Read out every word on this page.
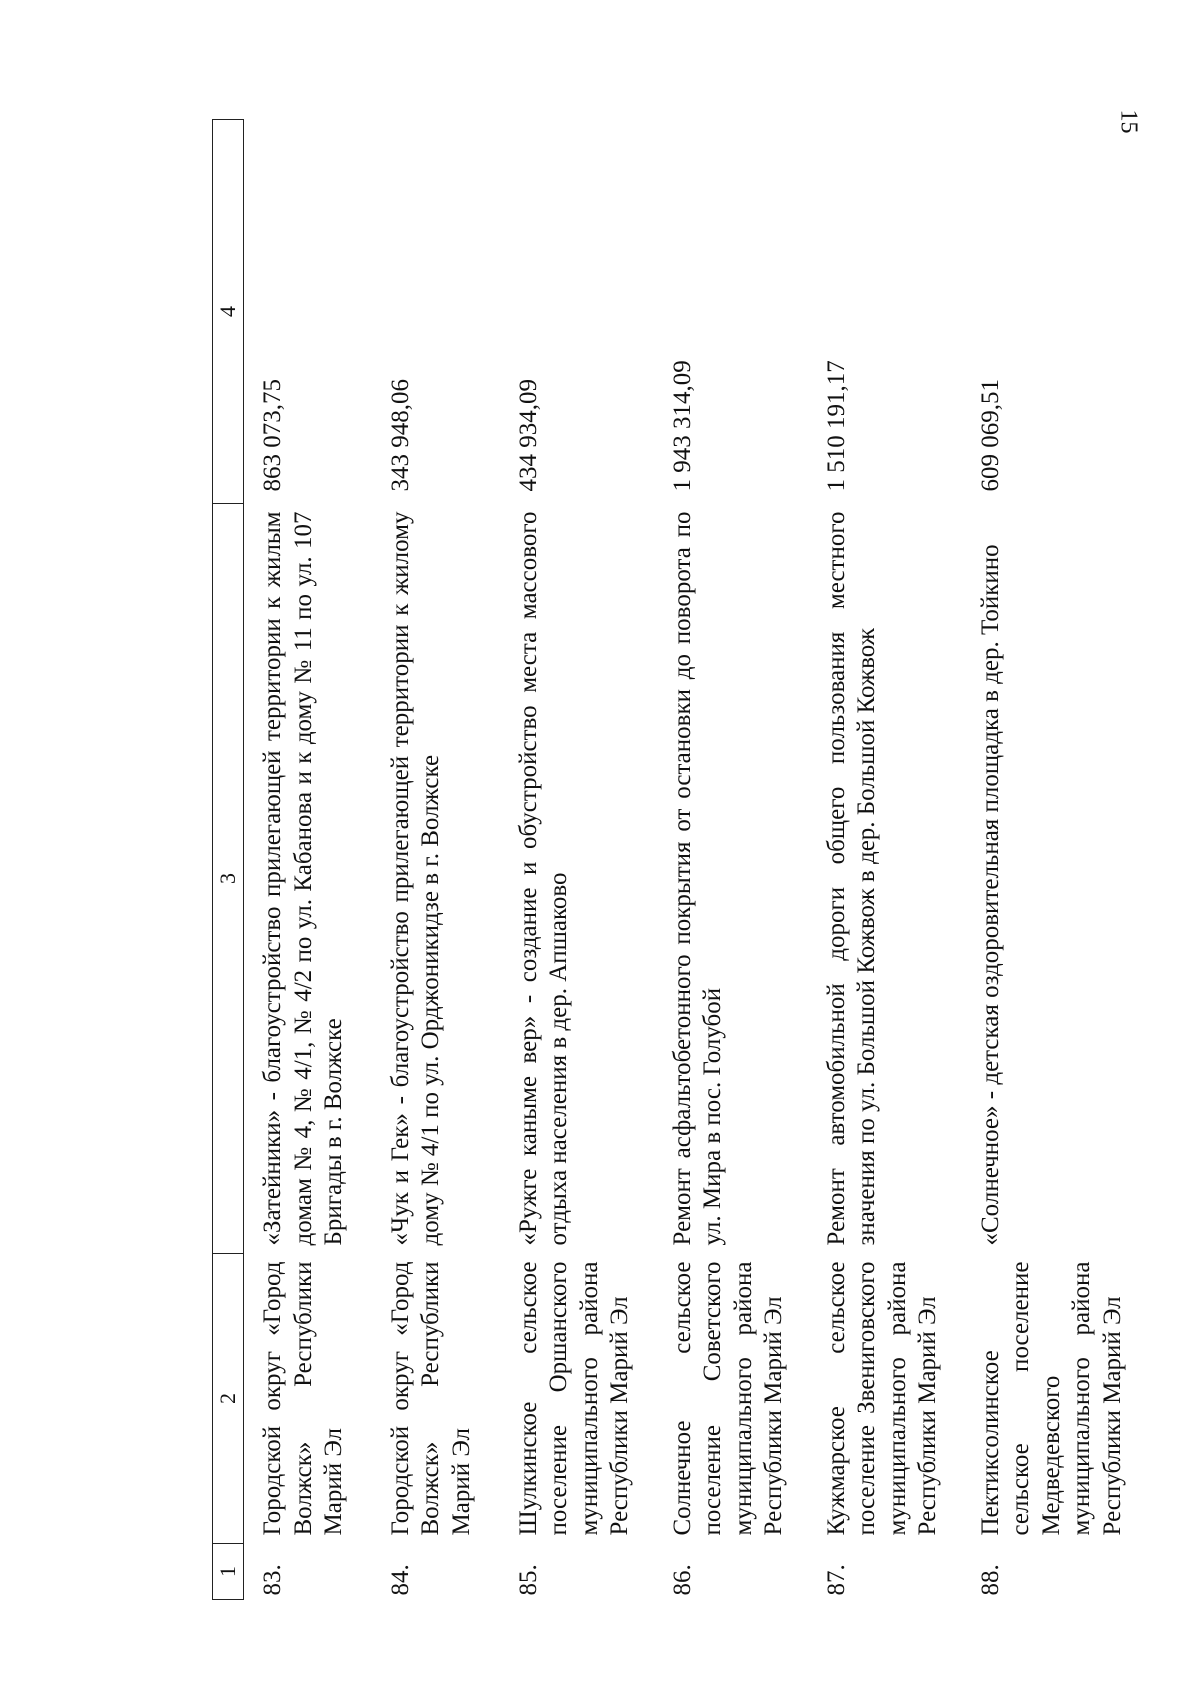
15
1	2	3	4
83.	Городской округ «Город Волжск» Республики Марий Эл	«Затейники» - благоустройство прилегающей территории к жилым домам № 4, № 4/1, № 4/2 по ул. Кабанова и к дому № 11 по ул. 107 Бригады в г. Волжске	863 073,75
84.	Городской округ «Город Волжск» Республики Марий Эл	«Чук и Гек» - благоустройство прилегающей территории к жилому дому № 4/1 по ул. Орджоникидзе в г. Волжске	343 948,06
85.	Шулкинское сельское поселение Оршанского муниципального района Республики Марий Эл	«Ружге каныме вер» - создание и обустройство места массового отдыха населения в дер. Апшаково	434 934,09
86.	Солнечное сельское поселение Советского муниципального района Республики Марий Эл	Ремонт асфальтобетонного покрытия от остановки до поворота по ул. Мира в пос. Голубой	1 943 314,09
87.	Кужмарское сельское поселение Звениговского муниципального района Республики Марий Эл	Ремонт автомобильной дороги общего пользования местного значения по ул. Большой Кожвож в дер. Большой Кожвож	1 510 191,17
88.	Пектиксолинское сельское поселение Медведевского муниципального района Республики Марий Эл	«Солнечное» - детская оздоровительная площадка в дер. Тойкино	609 069,51
